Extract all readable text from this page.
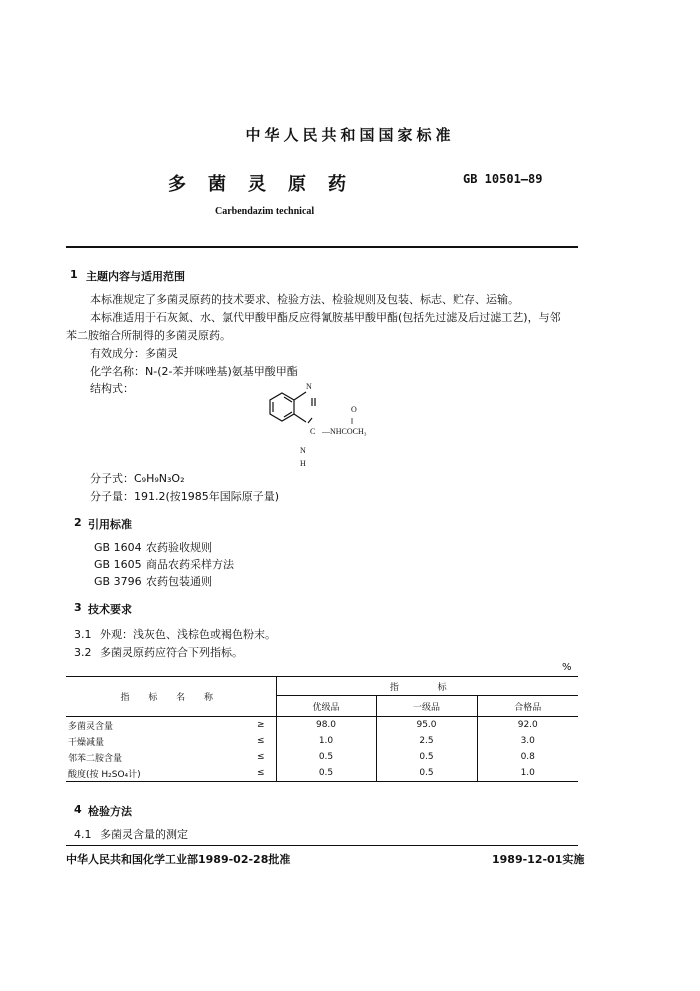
中华人民共和国国家标准
多菌灵原药	GB 10501—89
Carbendazim technical
1 主题内容与适用范围
本标准规定了多菌灵原药的技术要求、检验方法、检验规则及包装、标志、贮存、运输。
本标准适用于石灰氮、水、氯代甲酸甲酯反应得氰胺基甲酸甲酯(包括先过滤及后过滤工艺)，与邻
苯二胺缩合所制得的多菌灵原药。
有效成分：多菌灵
化学名称：N-(2-苯并咪唑基)氨基甲酸甲酯
结构式：	N
O
‖
C —NHCOCH₃
N
H
分子式：C₉H₉N₃O₂
分子量：191.2(按1985年国际原子量)
2 引用标准
GB 1604 农药验收规则
GB 1605 商品农药采样方法
GB 3796 农药包装通则
3 技术要求
3.1 外观：浅灰色、浅棕色或褐色粉末。
3.2 多菌灵原药应符合下列指标。
%
指 标 名 称		指 标		
		优级品	一级品	合格品
多菌灵含量	≥	98.0	95.0	92.0
干燥减量	≤	1.0	2.5	3.0
邻苯二胺含量	≤	0.5	0.5	0.8
酸度(按 H₂SO₄计)	≤	0.5	0.5	1.0
4 检验方法
4.1 多菌灵含量的测定
中华人民共和国化学工业部1989-02-28批准	1989-12-01实施
